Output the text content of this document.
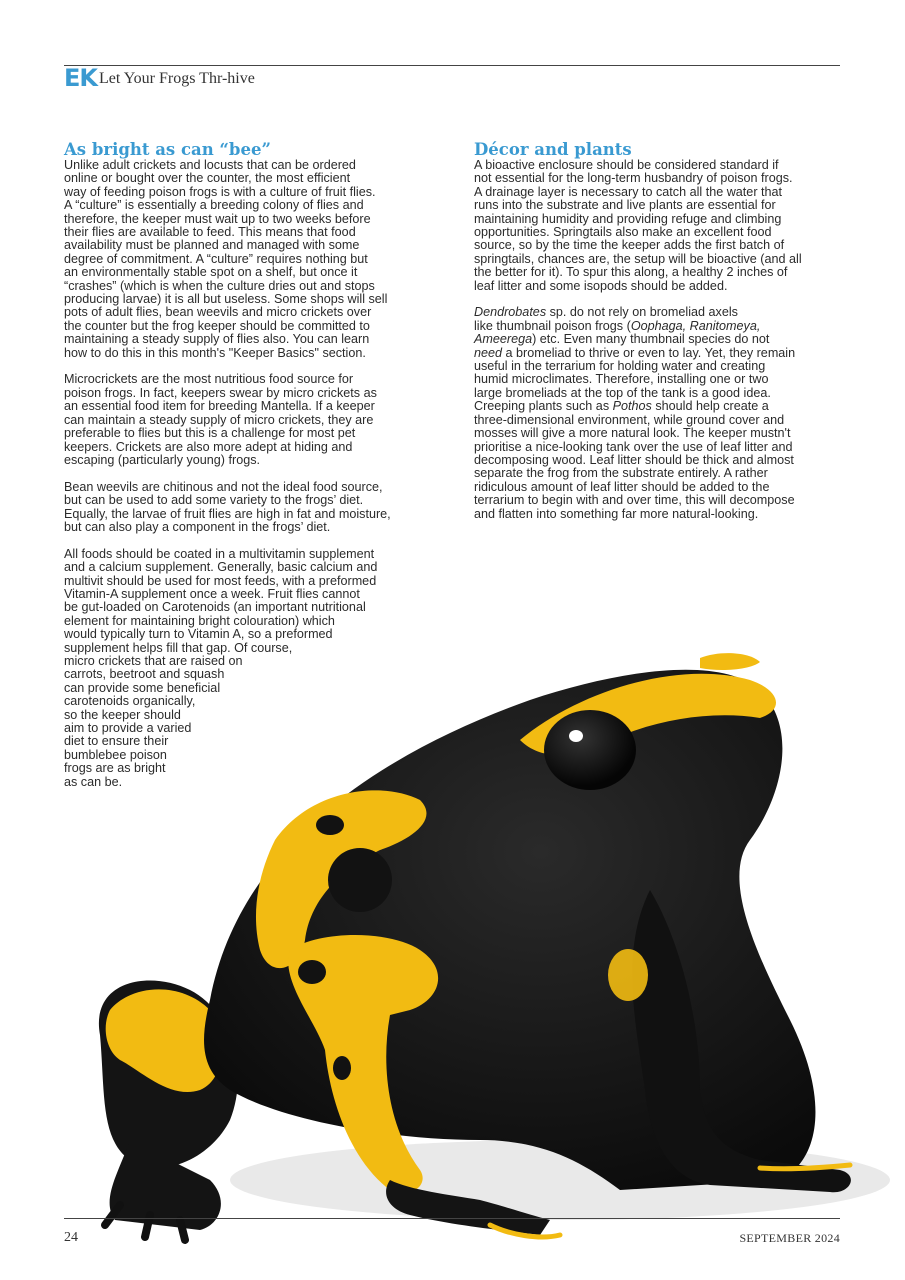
EK Let Your Frogs Thr-hive
As bright as can “bee”

Unlike adult crickets and locusts that can be ordered
online or bought over the counter, the most efficient
way of feeding poison frogs is with a culture of fruit flies.
A “culture” is essentially a breeding colony of flies and
therefore, the keeper must wait up to two weeks before
their flies are available to feed. This means that food
availability must be planned and managed with some
degree of commitment. A “culture” requires nothing but
an environmentally stable spot on a shelf, but once it
“crashes” (which is when the culture dries out and stops
producing larvae) it is all but useless. Some shops will sell
pots of adult flies, bean weevils and micro crickets over
the counter but the frog keeper should be committed to
maintaining a steady supply of flies also. You can learn
how to do this in this month's "Keeper Basics" section.

Microcrickets are the most nutritious food source for
poison frogs. In fact, keepers swear by micro crickets as
an essential food item for breeding Mantella. If a keeper
can maintain a steady supply of micro crickets, they are
preferable to flies but this is a challenge for most pet
keepers. Crickets are also more adept at hiding and
escaping (particularly young) frogs.

Bean weevils are chitinous and not the ideal food source,
but can be used to add some variety to the frogs’ diet.
Equally, the larvae of fruit flies are high in fat and moisture,
but can also play a component in the frogs’ diet.

All foods should be coated in a multivitamin supplement
and a calcium supplement. Generally, basic calcium and
multivit should be used for most feeds, with a preformed
Vitamin-A supplement once a week. Fruit flies cannot
be gut-loaded on Carotenoids (an important nutritional
element for maintaining bright colouration) which
would typically turn to Vitamin A, so a preformed
supplement helps fill that gap. Of course,
micro crickets that are raised on
carrots, beetroot and squash
can provide some beneficial
carotenoids organically,
so the keeper should
aim to provide a varied
diet to ensure their
bumblebee poison
frogs are as bright
as can be.

Décor and plants

A bioactive enclosure should be considered standard if
not essential for the long-term husbandry of poison frogs.
A drainage layer is necessary to catch all the water that
runs into the substrate and live plants are essential for
maintaining humidity and providing refuge and climbing
opportunities. Springtails also make an excellent food
source, so by the time the keeper adds the first batch of
springtails, chances are, the setup will be bioactive (and all
the better for it). To spur this along, a healthy 2 inches of
leaf litter and some isopods should be added.

Dendrobates sp. do not rely on bromeliad axels
like thumbnail poison frogs (Oophaga, Ranitomeya,
Ameerega) etc. Even many thumbnail species do not
need a bromeliad to thrive or even to lay. Yet, they remain
useful in the terrarium for holding water and creating
humid microclimates. Therefore, installing one or two
large bromeliads at the top of the tank is a good idea.
Creeping plants such as Pothos should help create a
three-dimensional environment, while ground cover and
mosses will give a more natural look. The keeper mustn't
prioritise a nice-looking tank over the use of leaf litter and
decomposing wood. Leaf litter should be thick and almost
separate the frog from the substrate entirely. A rather
ridiculous amount of leaf litter should be added to the
terrarium to begin with and over time, this will decompose
and flatten into something far more natural-looking.

24	SEPTEMBER 2024
